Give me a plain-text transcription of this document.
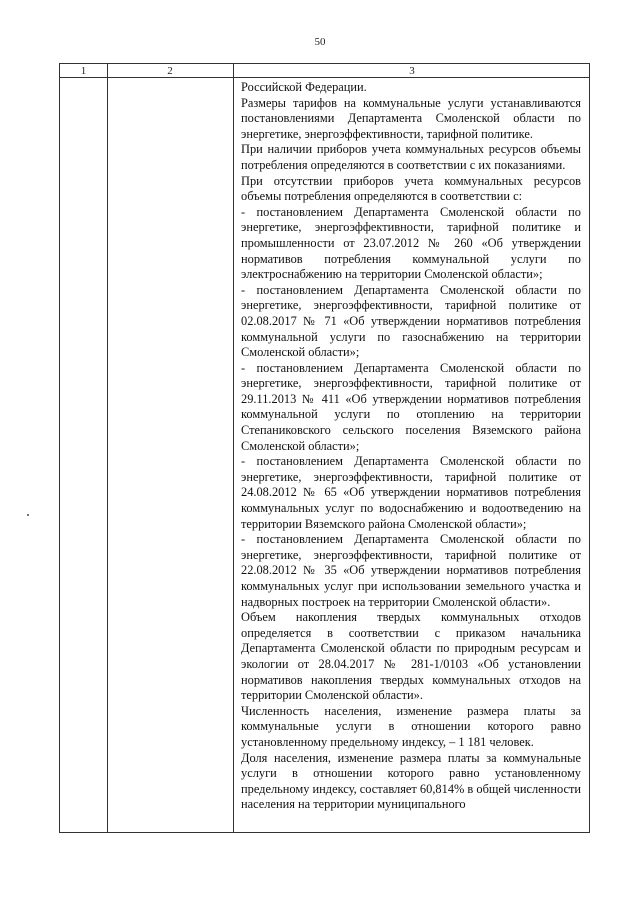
50
1	2	3

Российской Федерации.

Размеры тарифов на коммунальные услуги устанавливаются постановлениями Департамента Смоленской области по энергетике, энергоэффективности, тарифной политике.

При наличии приборов учета коммунальных ресурсов объемы потребления определяются в соответствии с их показаниями.

При отсутствии приборов учета коммунальных ресурсов объемы потребления определяются в соответствии с:

- постановлением Департамента Смоленской области по энергетике, энергоэффективности, тарифной политике и промышленности от 23.07.2012 № 260 «Об утверждении нормативов потребления коммунальной услуги по электроснабжению на территории Смоленской области»;

- постановлением Департамента Смоленской области по энергетике, энергоэффективности, тарифной политике от 02.08.2017 № 71 «Об утверждении нормативов потребления коммунальной услуги по газоснабжению на территории Смоленской области»;

- постановлением Департамента Смоленской области по энергетике, энергоэффективности, тарифной политике от 29.11.2013 № 411 «Об утверждении нормативов потребления коммунальной услуги по отоплению на территории Степаниковского сельского поселения Вяземского района Смоленской области»;

- постановлением Департамента Смоленской области по энергетике, энергоэффективности, тарифной политике от 24.08.2012 № 65 «Об утверждении нормативов потребления коммунальных услуг по водоснабжению и водоотведению на территории Вяземского района Смоленской области»;

- постановлением Департамента Смоленской области по энергетике, энергоэффективности, тарифной политике от 22.08.2012 № 35 «Об утверждении нормативов потребления коммунальных услуг при использовании земельного участка и надворных построек на территории Смоленской области».

Объем накопления твердых коммунальных отходов определяется в соответствии с приказом начальника Департамента Смоленской области по природным ресурсам и экологии от 28.04.2017 № 281-1/0103 «Об установлении нормативов накопления твердых коммунальных отходов на территории Смоленской области».

Численность населения, изменение размера платы за коммунальные услуги в отношении которого равно установленному предельному индексу, – 1 181 человек.

Доля населения, изменение размера платы за коммунальные услуги в отношении которого равно установленному предельному индексу, составляет 60,814% в общей численности населения на территории муниципального
